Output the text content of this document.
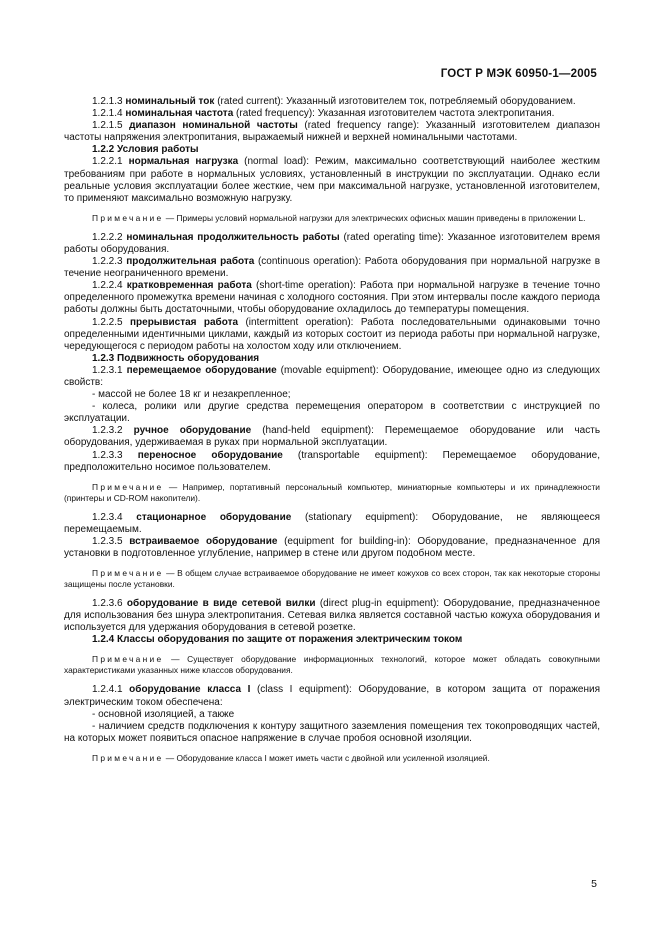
ГОСТ Р МЭК 60950-1—2005
1.2.1.3 номинальный ток (rated current): Указанный изготовителем ток, потребляемый оборудованием.
1.2.1.4 номинальная частота (rated frequency): Указанная изготовителем частота электропитания.
1.2.1.5 диапазон номинальной частоты (rated frequency range): Указанный изготовителем диапазон частоты напряжения электропитания, выражаемый нижней и верхней номинальными частотами.
1.2.2 Условия работы
1.2.2.1 нормальная нагрузка (normal load): Режим, максимально соответствующий наиболее жестким требованиям при работе в нормальных условиях, установленный в инструкции по эксплуатации. Однако если реальные условия эксплуатации более жесткие, чем при максимальной нагрузке, установленной изготовителем, то применяют максимально возможную нагрузку.
Примечание — Примеры условий нормальной нагрузки для электрических офисных машин приведены в приложении L.
1.2.2.2 номинальная продолжительность работы (rated operating time): Указанное изготовителем время работы оборудования.
1.2.2.3 продолжительная работа (continuous operation): Работа оборудования при нормальной нагрузке в течение неограниченного времени.
1.2.2.4 кратковременная работа (short-time operation): Работа при нормальной нагрузке в течение точно определенного промежутка времени начиная с холодного состояния. При этом интервалы после каждого периода работы должны быть достаточными, чтобы оборудование охладилось до температуры помещения.
1.2.2.5 прерывистая работа (intermittent operation): Работа последовательными одинаковыми точно определенными идентичными циклами, каждый из которых состоит из периода работы при нормальной нагрузке, чередующегося с периодом работы на холостом ходу или отключением.
1.2.3 Подвижность оборудования
1.2.3.1 перемещаемое оборудование (movable equipment): Оборудование, имеющее одно из следующих свойств:
- массой не более 18 кг и незакрепленное;
- колеса, ролики или другие средства перемещения оператором в соответствии с инструкцией по эксплуатации.
1.2.3.2 ручное оборудование (hand-held equipment): Перемещаемое оборудование или часть оборудования, удерживаемая в руках при нормальной эксплуатации.
1.2.3.3 переносное оборудование (transportable equipment): Перемещаемое оборудование, предположительно носимое пользователем.
Примечание — Например, портативный персональный компьютер, миниатюрные компьютеры и их принадлежности (принтеры и CD-ROM накопители).
1.2.3.4 стационарное оборудование (stationary equipment): Оборудование, не являющееся перемещаемым.
1.2.3.5 встраиваемое оборудование (equipment for building-in): Оборудование, предназначенное для установки в подготовленное углубление, например в стене или другом подобном месте.
Примечание — В общем случае встраиваемое оборудование не имеет кожухов со всех сторон, так как некоторые стороны защищены после установки.
1.2.3.6 оборудование в виде сетевой вилки (direct plug-in equipment): Оборудование, предназначенное для использования без шнура электропитания. Сетевая вилка является составной частью кожуха оборудования и используется для удержания оборудования в сетевой розетке.
1.2.4 Классы оборудования по защите от поражения электрическим током
Примечание — Существует оборудование информационных технологий, которое может обладать совокупными характеристиками указанных ниже классов оборудования.
1.2.4.1 оборудование класса I (class I equipment): Оборудование, в котором защита от поражения электрическим током обеспечена:
- основной изоляцией, а также
- наличием средств подключения к контуру защитного заземления помещения тех токопроводящих частей, на которых может появиться опасное напряжение в случае пробоя основной изоляции.
Примечание — Оборудование класса I может иметь части с двойной или усиленной изоляцией.
5
